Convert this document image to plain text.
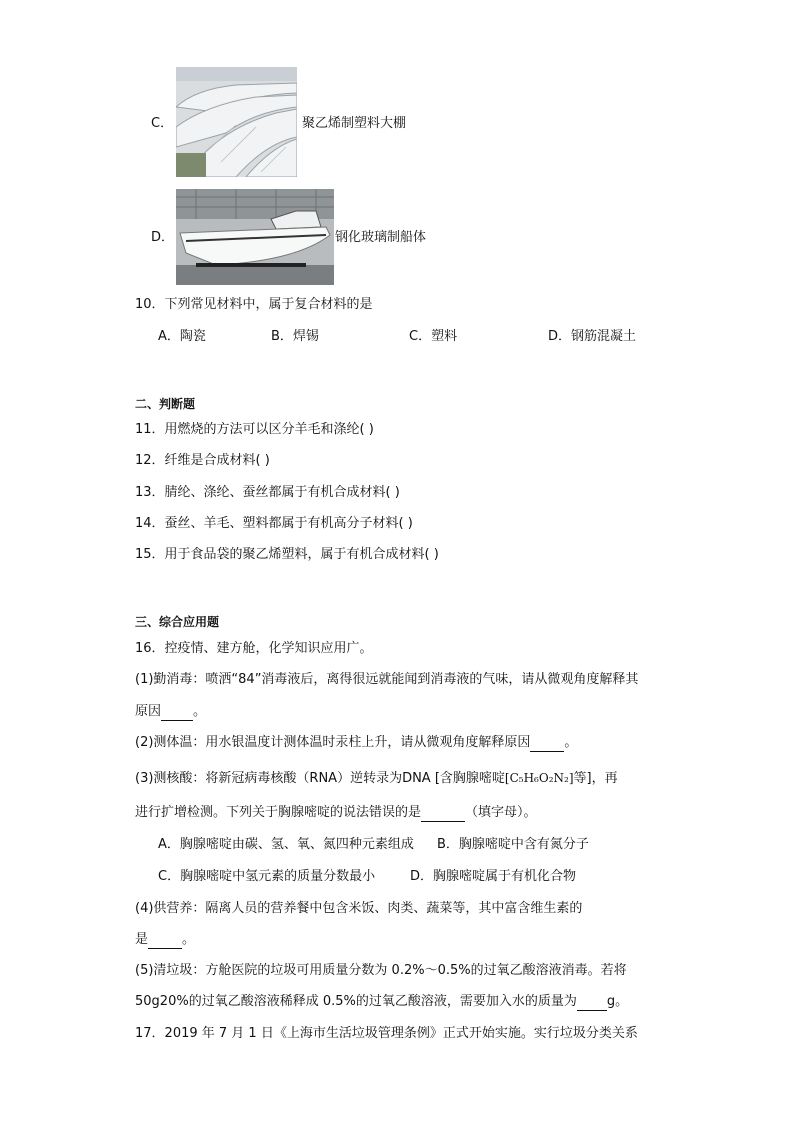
C．	聚乙烯制塑料大棚
D．	钢化玻璃制船体
10．下列常见材料中，属于复合材料的是
A．陶瓷	B．焊锡	C．塑料	D．钢筋混凝土
二、判断题
11．用燃烧的方法可以区分羊毛和涤纶( )
12．纤维是合成材料( )
13．腈纶、涤纶、蚕丝都属于有机合成材料( )
14．蚕丝、羊毛、塑料都属于有机高分子材料( )
15．用于食品袋的聚乙烯塑料，属于有机合成材料( )
三、综合应用题
16．控疫情、建方舱，化学知识应用广。
(1)勤消毒：喷洒“84”消毒液后，离得很远就能闻到消毒液的气味，请从微观角度解释其
原因 。
(2)测体温：用水银温度计测体温时汞柱上升，请从微观角度解释原因	。
(3)测核酸：将新冠病毒核酸（RNA）逆转录为DNA [含胸腺嘧啶[C₅H₆O₂N₂]等]，再
进行扩增检测。下列关于胸腺嘧啶的说法错误的是	（填字母）。
A．胸腺嘧啶由碳、氢、氧、氮四种元素组成 B．胸腺嘧啶中含有氮分子
C．胸腺嘧啶中氢元素的质量分数最小	D．胸腺嘧啶属于有机化合物
(4)供营养：隔离人员的营养餐中包含米饭、肉类、蔬菜等，其中富含维生素的
是	。
(5)清垃圾：方舱医院的垃圾可用质量分数为 0.2%～0.5%的过氧乙酸溶液消毒。若将
50g20%的过氧乙酸溶液稀释成 0.5%的过氧乙酸溶液，需要加入水的质量为 g。
17．2019 年 7 月 1 日《上海市生活垃圾管理条例》正式开始实施。实行垃圾分类关系
